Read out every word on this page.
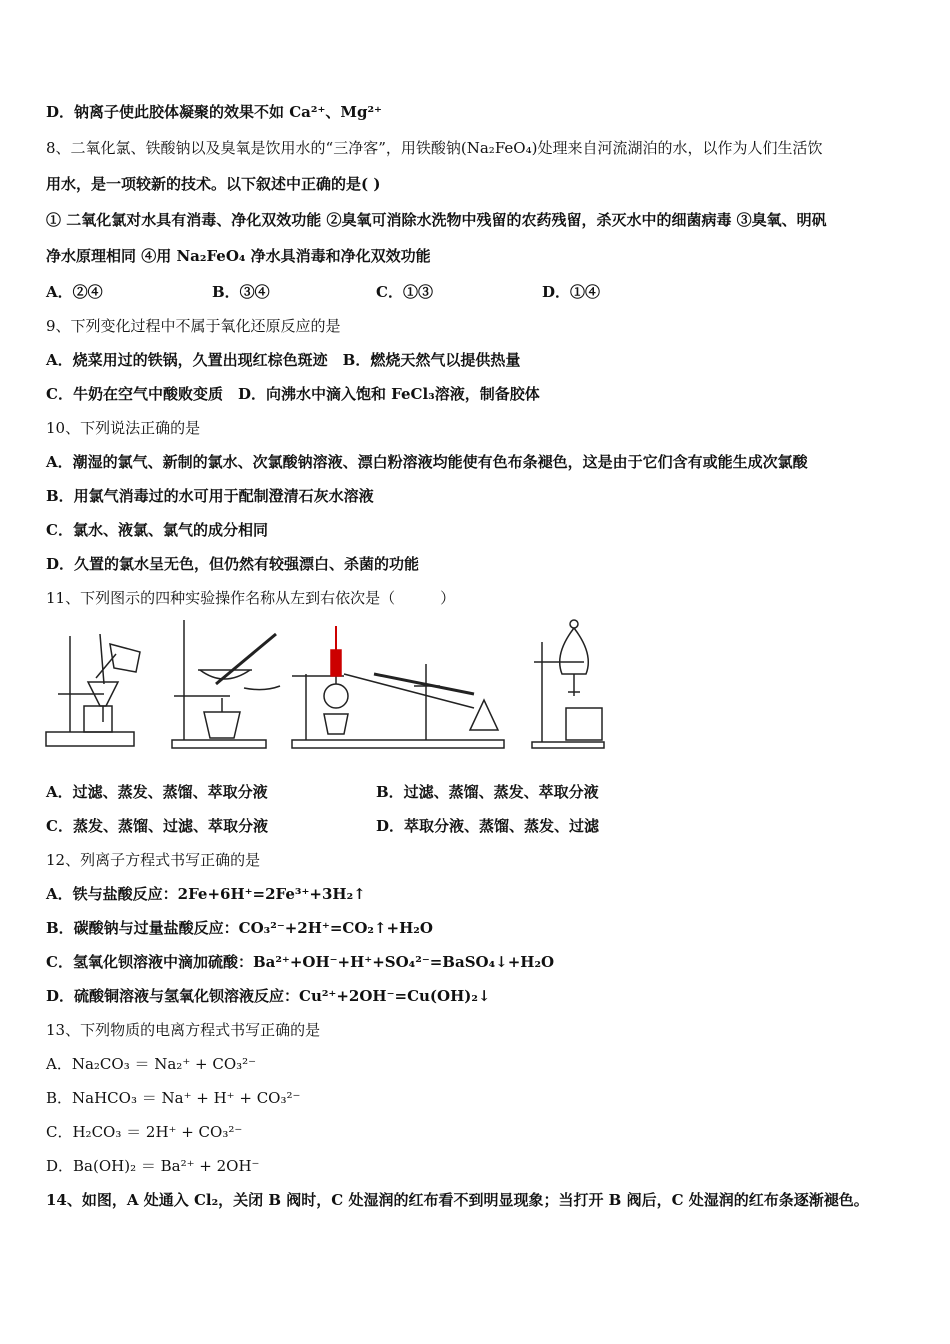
D．钠离子使此胶体凝聚的效果不如 Ca²⁺、Mg²⁺
8、二氧化氯、铁酸钠以及臭氧是饮用水的“三净客”，用铁酸钠(Na₂FeO₄)处理来自河流湖泊的水，以作为人们生活饮
用水，是一项较新的技术。以下叙述中正确的是( )
① 二氧化氯对水具有消毒、净化双效功能 ②臭氧可消除水洗物中残留的农药残留，杀灭水中的细菌病毒 ③臭氧、明矾
净水原理相同 ④用 Na₂FeO₄ 净水具消毒和净化双效功能
A．②④	B．③④	C．①③	D．①④
9、下列变化过程中不属于氧化还原反应的是
A．烧菜用过的铁锅，久置出现红棕色斑迹　B．燃烧天然气以提供热量
C．牛奶在空气中酸败变质　D．向沸水中滴入饱和 FeCl₃溶液，制备胶体
10、下列说法正确的是
A．潮湿的氯气、新制的氯水、次氯酸钠溶液、漂白粉溶液均能使有色布条褪色，这是由于它们含有或能生成次氯酸
B．用氯气消毒过的水可用于配制澄清石灰水溶液
C．氯水、液氯、氯气的成分相同
D．久置的氯水呈无色，但仍然有较强漂白、杀菌的功能
11、下列图示的四种实验操作名称从左到右依次是（　　　）
A．过滤、蒸发、蒸馏、萃取分液	B．过滤、蒸馏、蒸发、萃取分液
C．蒸发、蒸馏、过滤、萃取分液	D．萃取分液、蒸馏、蒸发、过滤
12、列离子方程式书写正确的是
A．铁与盐酸反应：2Fe+6H⁺=2Fe³⁺+3H₂↑
B．碳酸钠与过量盐酸反应：CO₃²⁻+2H⁺=CO₂↑+H₂O
C．氢氧化钡溶液中滴加硫酸：Ba²⁺+OH⁻+H⁺+SO₄²⁻=BaSO₄↓+H₂O
D．硫酸铜溶液与氢氧化钡溶液反应：Cu²⁺+2OH⁻=Cu(OH)₂↓
13、下列物质的电离方程式书写正确的是
A．Na₂CO₃ ＝ Na₂⁺ + CO₃²⁻
B．NaHCO₃ ＝ Na⁺ + H⁺ + CO₃²⁻
C．H₂CO₃ ＝ 2H⁺ + CO₃²⁻
D．Ba(OH)₂ ＝ Ba²⁺ + 2OH⁻
14、如图，A 处通入 Cl₂，关闭 B 阀时，C 处湿润的红布看不到明显现象；当打开 B 阀后，C 处湿润的红布条逐渐褪色。
